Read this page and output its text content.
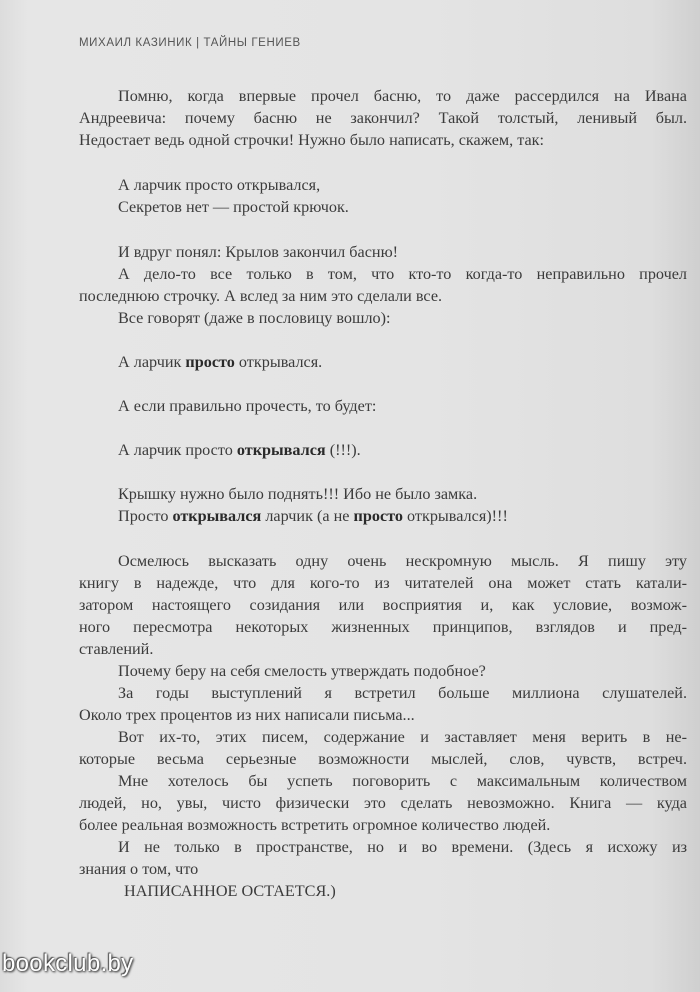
МИХАИЛ КАЗИНИК | ТАЙНЫ ГЕНИЕВ
Помню, когда впервые прочел басню, то даже рассердился на Ивана
Андреевича: почему басню не закончил? Такой толстый, ленивый был.
Недостает ведь одной строчки! Нужно было написать, скажем, так:
А ларчик просто открывался,
Секретов нет — простой крючок.
И вдруг понял: Крылов закончил басню!
А дело-то все только в том, что кто-то когда-то неправильно прочел
последнюю строчку. А вслед за ним это сделали все.
Все говорят (даже в пословицу вошло):
А ларчик просто открывался.
А если правильно прочесть, то будет:
А ларчик просто открывался (!!!).
Крышку нужно было поднять!!! Ибо не было замка.
Просто открывался ларчик (а не просто открывался)!!!
Осмелюсь высказать одну очень нескромную мысль. Я пишу эту
книгу в надежде, что для кого-то из читателей она может стать катали-
затором настоящего созидания или восприятия и, как условие, возмож-
ного пересмотра некоторых жизненных принципов, взглядов и пред-
ставлений.
Почему беру на себя смелость утверждать подобное?
За годы выступлений я встретил больше миллиона слушателей.
Около трех процентов из них написали письма...
Вот их-то, этих писем, содержание и заставляет меня верить в не-
которые весьма серьезные возможности мыслей, слов, чувств, встреч.
Мне хотелось бы успеть поговорить с максимальным количеством
людей, но, увы, чисто физически это сделать невозможно. Книга — куда
более реальная возможность встретить огромное количество людей.
И не только в пространстве, но и во времени. (Здесь я исхожу из
знания о том, что
НАПИСАННОЕ ОСТАЕТСЯ.)
bookclub.by
